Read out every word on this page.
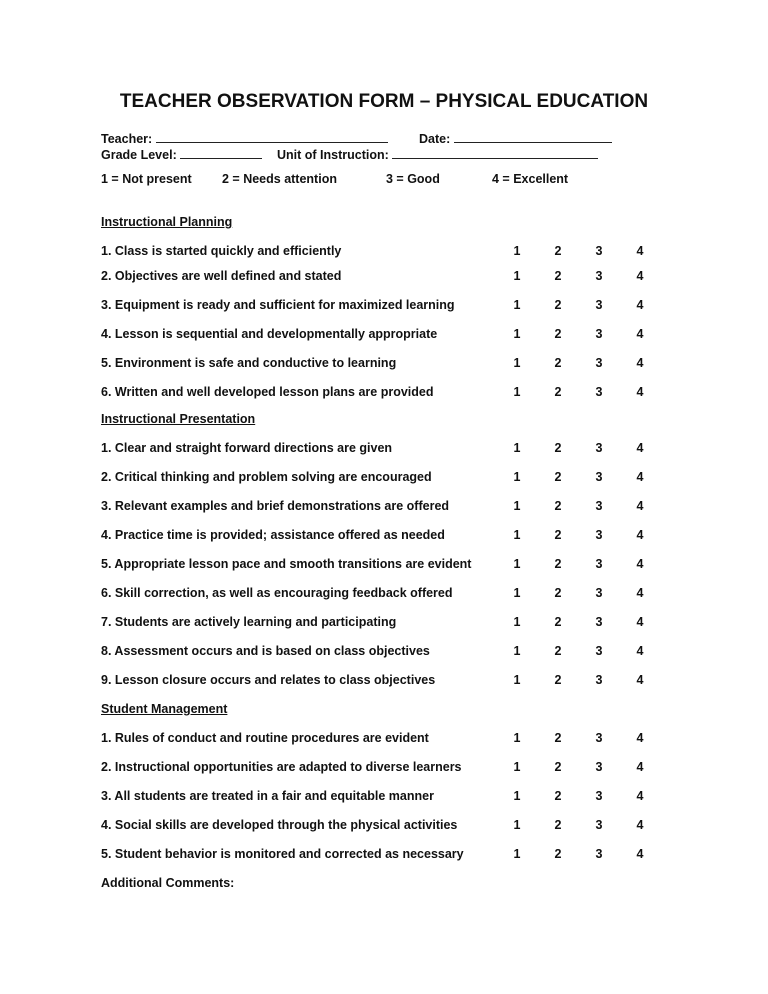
TEACHER OBSERVATION FORM – PHYSICAL EDUCATION
Teacher:	Date:
Grade Level:	Unit of Instruction:
1 = Not present 2 = Needs attention	3 = Good	4 = Excellent
Instructional Planning
1. Class is started quickly and efficiently	1	2	3	4
2. Objectives are well defined and stated	1	2	3	4
3. Equipment is ready and sufficient for maximized learning	1	2	3	4
4. Lesson is sequential and developmentally appropriate	1	2	3	4
5. Environment is safe and conductive to learning	1	2	3	4
6. Written and well developed lesson plans are provided	1	2	3	4
Instructional Presentation
1. Clear and straight forward directions are given	1	2	3	4
2. Critical thinking and problem solving are encouraged	1	2	3	4
3. Relevant examples and brief demonstrations are offered	1	2	3	4
4. Practice time is provided; assistance offered as needed	1	2	3	4
5. Appropriate lesson pace and smooth transitions are evident	1	2	3	4
6. Skill correction, as well as encouraging feedback offered	1	2	3	4
7. Students are actively learning and participating	1	2	3	4
8. Assessment occurs and is based on class objectives	1	2	3	4
9. Lesson closure occurs and relates to class objectives	1	2	3	4
Student Management
1. Rules of conduct and routine procedures are evident	1	2	3	4
2. Instructional opportunities are adapted to diverse learners	1	2	3	4
3. All students are treated in a fair and equitable manner	1	2	3	4
4. Social skills are developed through the physical activities	1	2	3	4
5. Student behavior is monitored and corrected as necessary	1	2	3	4
Additional Comments:
